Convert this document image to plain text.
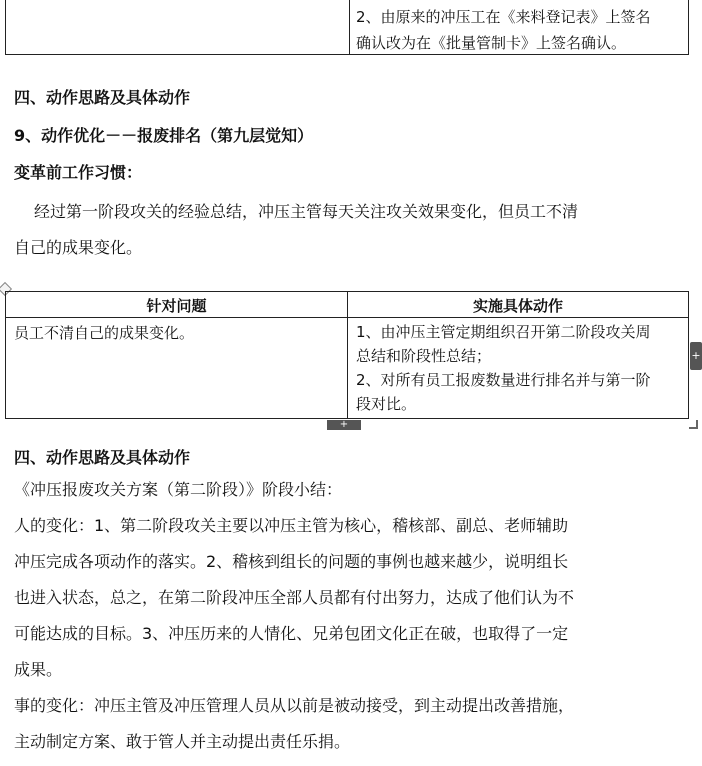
2、由原来的冲压工在《来料登记表》上签名
确认改为在《批量管制卡》上签名确认。
四、动作思路及具体动作
9、动作优化－－报废排名（第九层觉知）
变革前工作习惯：
经过第一阶段攻关的经验总结，冲压主管每天关注攻关效果变化，但员工不清
自己的成果变化。
针对问题	实施具体动作
员工不清自己的成果变化。	1、由冲压主管定期组织召开第二阶段攻关周
总结和阶段性总结；
2、对所有员工报废数量进行排名并与第一阶
段对比。
+
+
四、动作思路及具体动作
《冲压报废攻关方案（第二阶段）》阶段小结：
人的变化：1、第二阶段攻关主要以冲压主管为核心，稽核部、副总、老师辅助
冲压完成各项动作的落实。2、稽核到组长的问题的事例也越来越少，说明组长
也进入状态，总之，在第二阶段冲压全部人员都有付出努力，达成了他们认为不
可能达成的目标。3、冲压历来的人情化、兄弟包团文化正在破，也取得了一定
成果。
事的变化：冲压主管及冲压管理人员从以前是被动接受，到主动提出改善措施，
主动制定方案、敢于管人并主动提出责任乐捐。
